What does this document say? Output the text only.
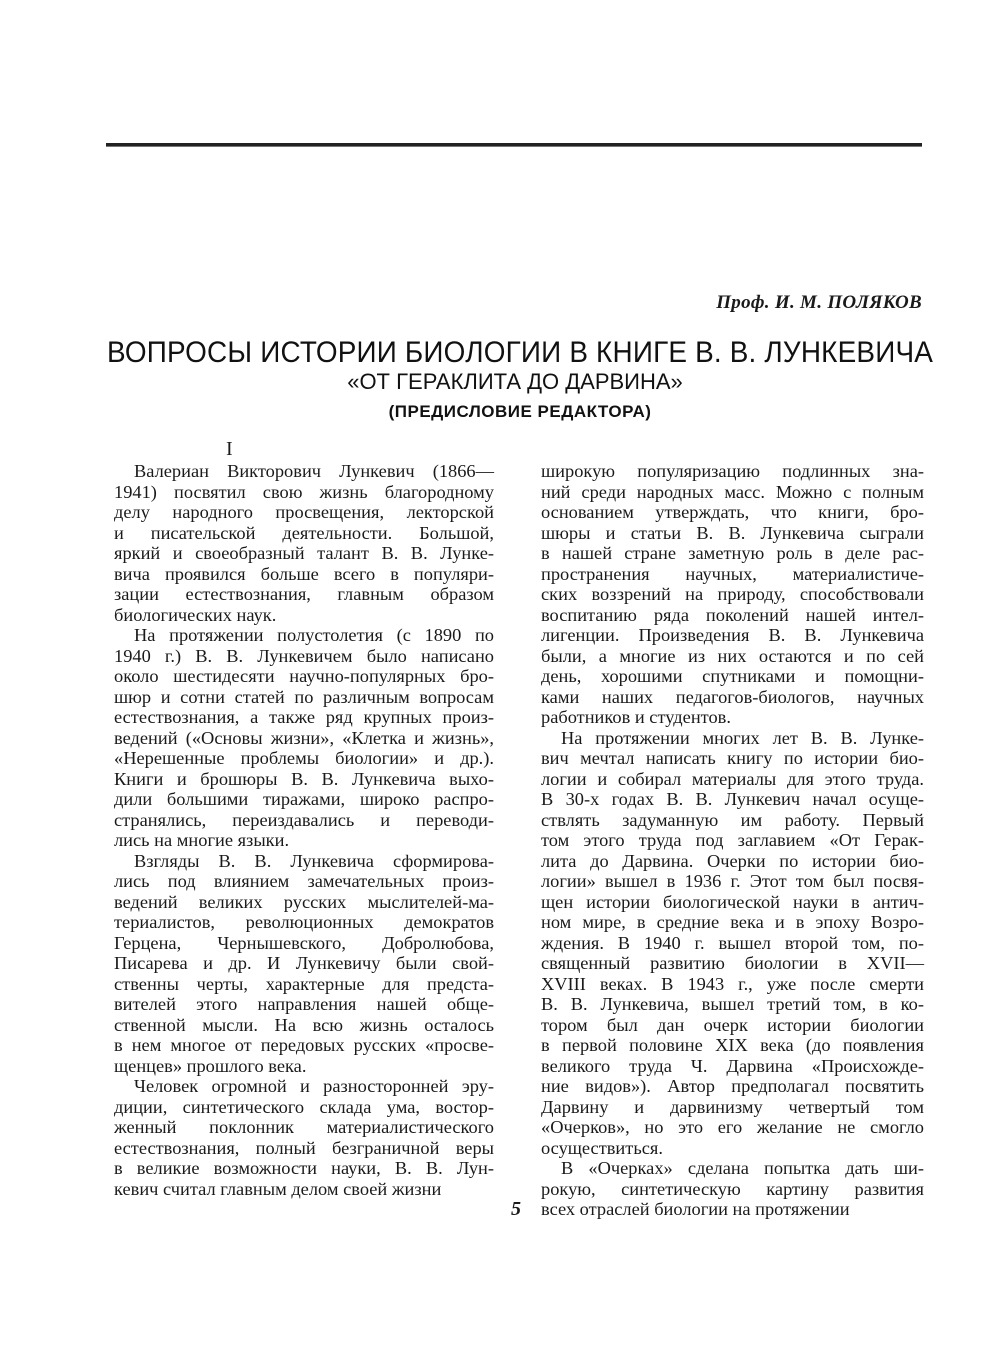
Проф. И. М. ПОЛЯКОВ
ВОПРОСЫ ИСТОРИИ БИОЛОГИИ В КНИГЕ В. В. ЛУНКЕВИЧА
«ОТ ГЕРАКЛИТА ДО ДАРВИНА»
(ПРЕДИСЛОВИЕ РЕДАКТОРА)
I
Валериан Викторович Лункевич (1866—
1941) посвятил свою жизнь благородному
делу народного просвещения, лекторской
и писательской деятельности. Большой,
яркий и своеобразный талант В. В. Лунке-
вича проявился больше всего в популяри-
зации естествознания, главным образом
биологических наук.
На протяжении полустолетия (с 1890 по
1940 г.) В. В. Лункевичем было написано
около шестидесяти научно-популярных бро-
шюр и сотни статей по различным вопросам
естествознания, а также ряд крупных произ-
ведений («Основы жизни», «Клетка и жизнь»,
«Нерешенные проблемы биологии» и др.).
Книги и брошюры В. В. Лункевича выхо-
дили большими тиражами, широко распро-
странялись, переиздавались и переводи-
лись на многие языки.
Взгляды В. В. Лункевича сформирова-
лись под влиянием замечательных произ-
ведений великих русских мыслителей-ма-
териалистов, революционных демократов
Герцена, Чернышевского, Добролюбова,
Писарева и др. И Лункевичу были свой-
ственны черты, характерные для предста-
вителей этого направления нашей обще-
ственной мысли. На всю жизнь осталось
в нем многое от передовых русских «просве-
щенцев» прошлого века.
Человек огромной и разносторонней эру-
диции, синтетического склада ума, востор-
женный поклонник материалистического
естествознания, полный безграничной веры
в великие возможности науки, В. В. Лун-
кевич считал главным делом своей жизни
широкую популяризацию подлинных зна-
ний среди народных масс. Можно с полным
основанием утверждать, что книги, бро-
шюры и статьи В. В. Лункевича сыграли
в нашей стране заметную роль в деле рас-
пространения научных, материалистиче-
ских воззрений на природу, способствовали
воспитанию ряда поколений нашей интел-
лигенции. Произведения В. В. Лункевича
были, а многие из них остаются и по сей
день, хорошими спутниками и помощни-
ками наших педагогов-биологов, научных
работников и студентов.
На протяжении многих лет В. В. Лунке-
вич мечтал написать книгу по истории био-
логии и собирал материалы для этого труда.
В 30-х годах В. В. Лункевич начал осуще-
ствлять задуманную им работу. Первый
том этого труда под заглавием «От Герак-
лита до Дарвина. Очерки по истории био-
логии» вышел в 1936 г. Этот том был посвя-
щен истории биологической науки в антич-
ном мире, в средние века и в эпоху Возро-
ждения. В 1940 г. вышел второй том, по-
священный развитию биологии в XVII—
XVIII веках. В 1943 г., уже после смерти
В. В. Лункевича, вышел третий том, в ко-
тором был дан очерк истории биологии
в первой половине XIX века (до появления
великого труда Ч. Дарвина «Происхожде-
ние видов»). Автор предполагал посвятить
Дарвину и дарвинизму четвертый том
«Очерков», но это его желание не смогло
осуществиться.
В «Очерках» сделана попытка дать ши-
рокую, синтетическую картину развития
всех отраслей биологии на протяжении
5
